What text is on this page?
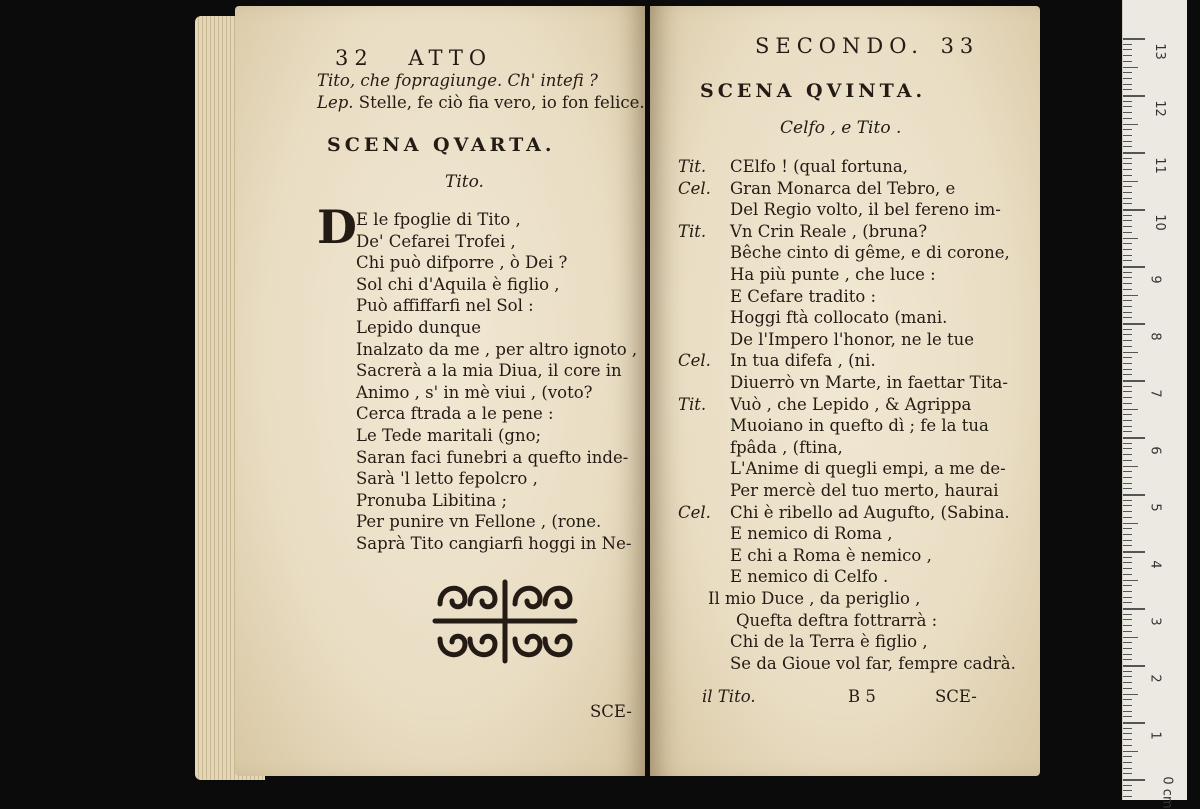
32 ATTO
Tito, che fopragiunge. Ch' intefi ?
Lep. Stelle, fe ciò fia vero, io fon felice.
SCENA QVARTA.
Tito.
D E le fpoglie di Tito ,
De' Cefarei Trofei ,
Chi può difporre , ò Dei ?
Sol chi d'Aquila è figlio ,
Può affiffarfi nel Sol :
Lepido dunque
Inalzato da me , per altro ignoto ,
Sacrerà a la mia Diua, il core in
Animo , s' in mè viui , (voto?
Cerca ftrada a le pene :
Le Tede maritali (gno;
Saran faci funebri a quefto inde-
Sarà 'l letto fepolcro ,
Pronuba Libitina ;
Per punire vn Fellone , (rone.
Saprà Tito cangiarfi hoggi in Ne-
SCE-
SECONDO. 33
SCENA QVINTA.
Celfo , e Tito .
Tit. CElfo ! (qual fortuna,
Cel. Gran Monarca del Tebro, e
Del Regio volto, il bel fereno im-
Tit. Vn Crin Reale , (bruna?
Bêche cinto di gême, e di corone,
Ha più punte , che luce :
E Cefare tradito :
Hoggi ftà collocato (mani.
De l'Impero l'honor, ne le tue
Cel. In tua difefa , (ni.
Diuerrò vn Marte, in faettar Tita-
Tit. Vuò , che Lepido , & Agrippa
Muoiano in quefto dì ; fe la tua
fpâda , (ftina,
L'Anime di quegli empi, a me de-
Per mercè del tuo merto, haurai
Cel. Chi è ribello ad Augufto, (Sabina.
E nemico di Roma ,
E chi a Roma è nemico ,
E nemico di Celfo .
Il mio Duce , da periglio ,
Quefta deftra fottrarrà :
Chi de la Terra è figlio ,
Se da Gioue vol far, fempre cadrà.
il Tito.	B 5	SCE-
13
12
11
10
9
8
7
6
5
4
3
2
1
0 cm
